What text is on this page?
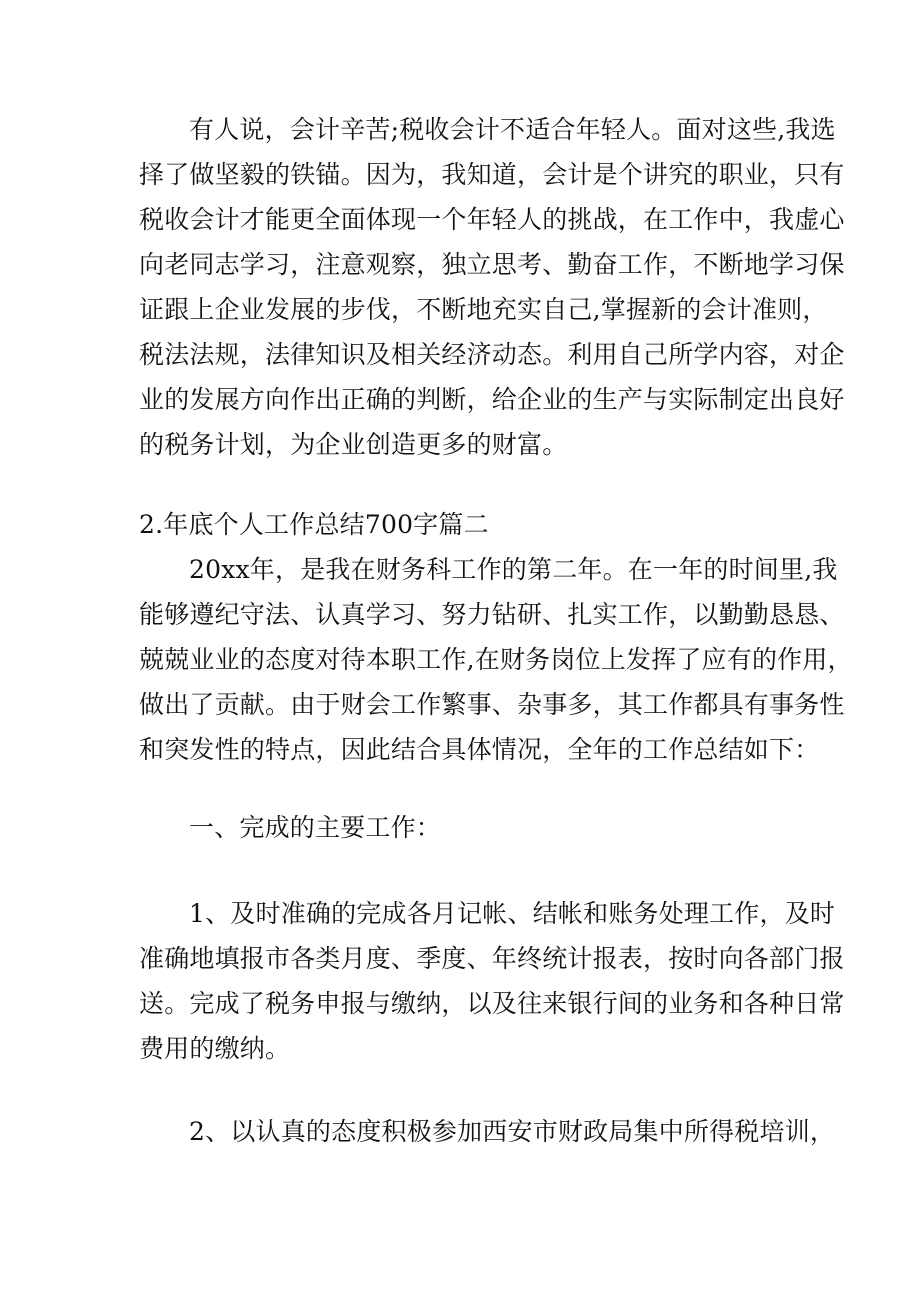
有人说，会计辛苦;税收会计不适合年轻人。面对这些,我选
择了做坚毅的铁锚。因为，我知道，会计是个讲究的职业，只有
税收会计才能更全面体现一个年轻人的挑战，在工作中，我虚心
向老同志学习，注意观察，独立思考、勤奋工作，不断地学习保
证跟上企业发展的步伐，不断地充实自己,掌握新的会计准则，
税法法规，法律知识及相关经济动态。利用自己所学内容，对企
业的发展方向作出正确的判断，给企业的生产与实际制定出良好
的税务计划，为企业创造更多的财富。
2.年底个人工作总结700字篇二
20xx年，是我在财务科工作的第二年。在一年的时间里,我
能够遵纪守法、认真学习、努力钻研、扎实工作，以勤勤恳恳、
兢兢业业的态度对待本职工作,在财务岗位上发挥了应有的作用，
做出了贡献。由于财会工作繁事、杂事多，其工作都具有事务性
和突发性的特点，因此结合具体情况，全年的工作总结如下：
一、完成的主要工作：
1、及时准确的完成各月记帐、结帐和账务处理工作，及时
准确地填报市各类月度、季度、年终统计报表，按时向各部门报
送。完成了税务申报与缴纳，以及往来银行间的业务和各种日常
费用的缴纳。
2、以认真的态度积极参加西安市财政局集中所得税培训，
